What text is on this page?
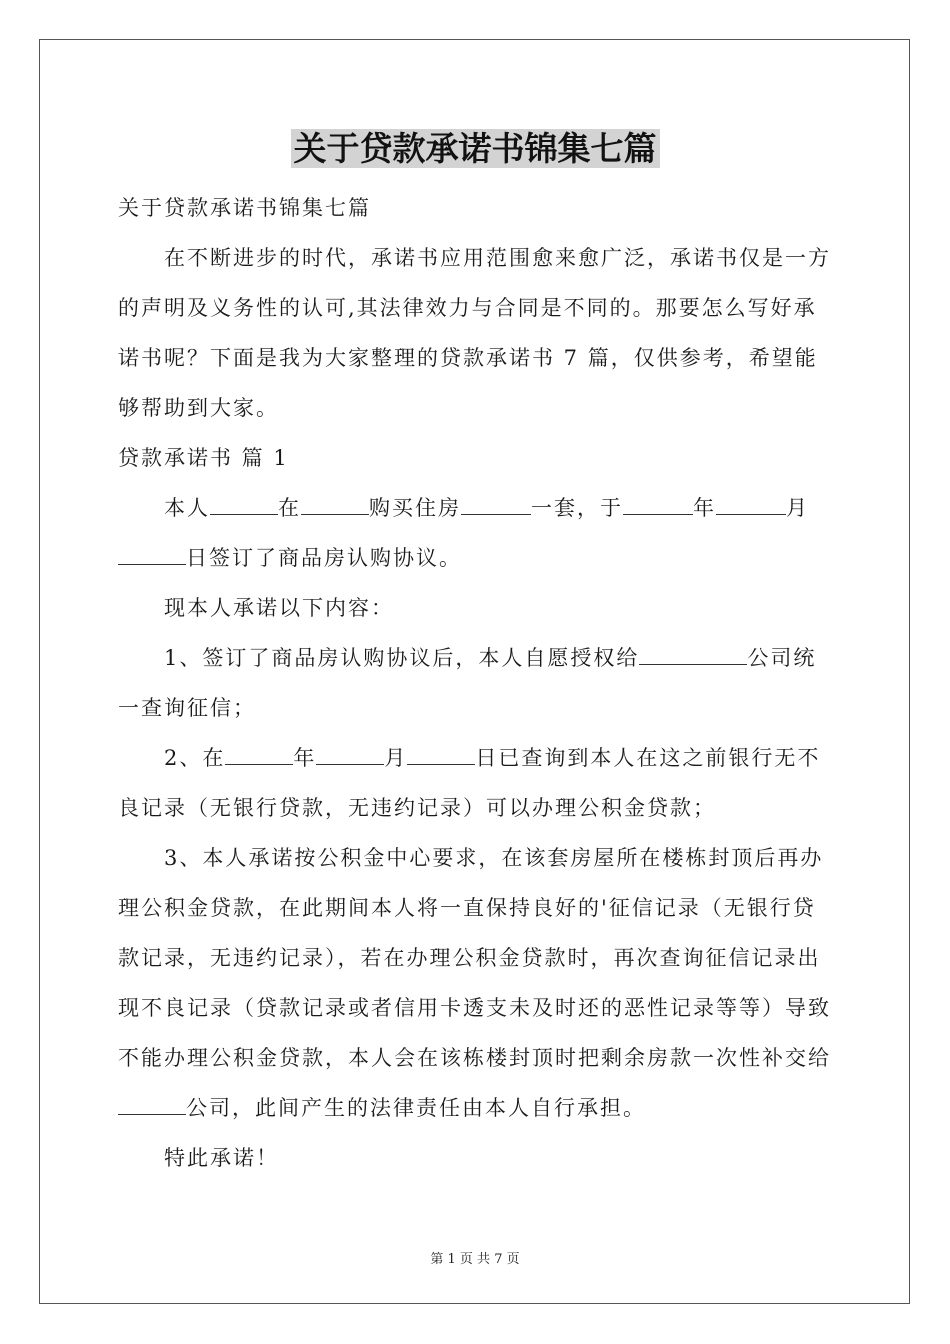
关于贷款承诺书锦集七篇

关于贷款承诺书锦集七篇

在不断进步的时代，承诺书应用范围愈来愈广泛，承诺书仅是一方的声明及义务性的认可,其法律效力与合同是不同的。那要怎么写好承诺书呢？下面是我为大家整理的贷款承诺书 7 篇，仅供参考，希望能够帮助到大家。

贷款承诺书 篇 1

本人	在	购买住房	一套，于	年	月日签订了商品房认购协议。

现本人承诺以下内容：

1、签订了商品房认购协议后，本人自愿授权给	公司统一查询征信；

2、在	年	月	日已查询到本人在这之前银行无不良记录（无银行贷款，无违约记录）可以办理公积金贷款；

3、本人承诺按公积金中心要求，在该套房屋所在楼栋封顶后再办理公积金贷款，在此期间本人将一直保持良好的'征信记录（无银行贷款记录，无违约记录），若在办理公积金贷款时，再次查询征信记录出现不良记录（贷款记录或者信用卡透支未及时还的恶性记录等等）导致不能办理公积金贷款，本人会在该栋楼封顶时把剩余房款一次性补交给公司，此间产生的法律责任由本人自行承担。

特此承诺！

第 1 页 共 7 页
